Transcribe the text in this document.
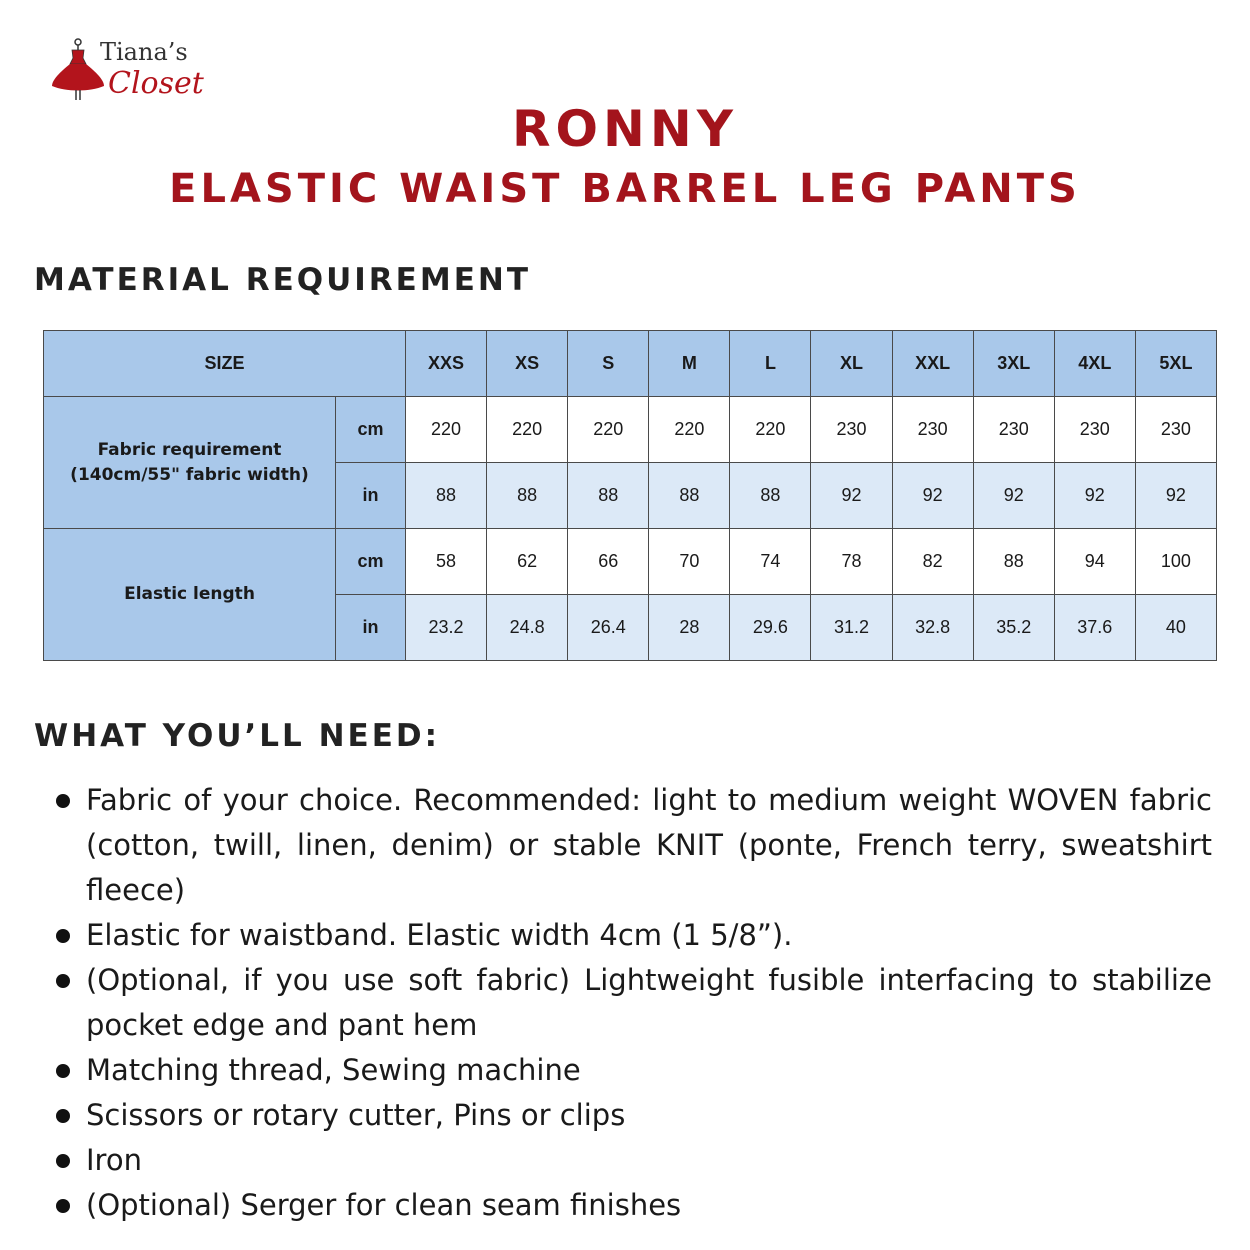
Tiana’s
Closet
RONNY
ELASTIC WAIST BARREL LEG PANTS
MATERIAL REQUIREMENT
SIZE		XXS	XS	S	M	L	XL	XXL	3XL	4XL	5XL

Fabric requirement
(140cm/55" fabric width)	cm	220	220	220	220	220	230	230	230	230	230
	in	88	88	88	88	88	92	92	92	92	92
Elastic length	cm	58	62	66	70	74	78	82	88	94	100
	in	23.2	24.8	26.4	28	29.6	31.2	32.8	35.2	37.6	40
WHAT YOU’LL NEED:
Fabric of your choice. Recommended: light to medium weight WOVEN fabric (cotton, twill, linen, denim) or stable KNIT (ponte, French terry, sweatshirt fleece)
Elastic for waistband. Elastic width 4cm (1 5/8”).
(Optional, if you use soft fabric) Lightweight fusible interfacing to stabilize pocket edge and pant hem
Matching thread, Sewing machine
Scissors or rotary cutter, Pins or clips
Iron
(Optional) Serger for clean seam finishes
